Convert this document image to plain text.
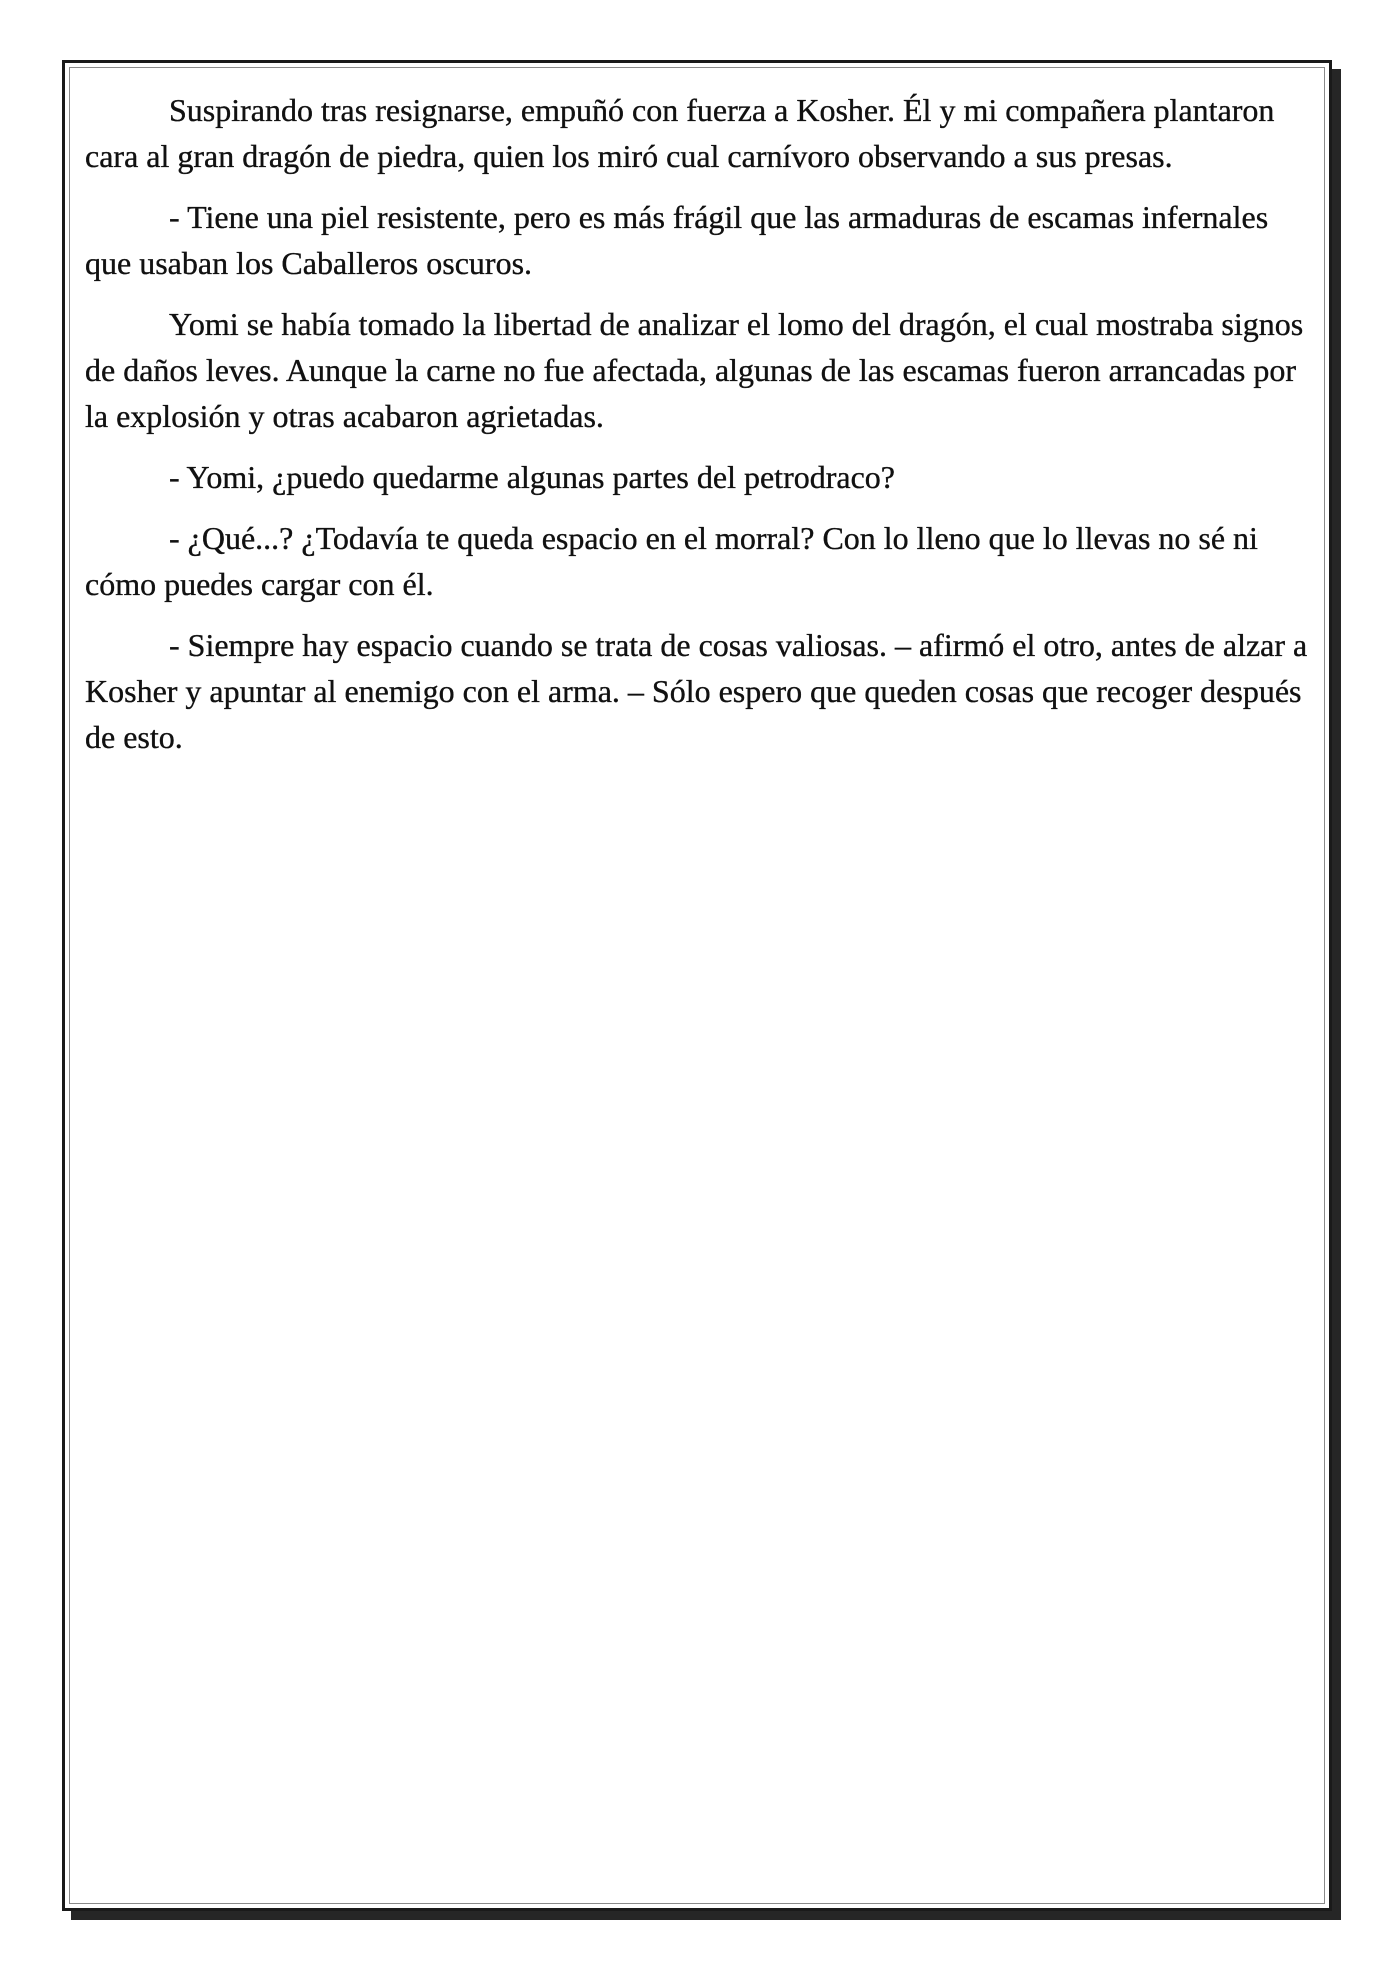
Suspirando tras resignarse, empuñó con fuerza a Kosher. Él y mi compañera plantaron cara al gran dragón de piedra, quien los miró cual carnívoro observando a sus presas.

- Tiene una piel resistente, pero es más frágil que las armaduras de escamas infernales que usaban los Caballeros oscuros.

Yomi se había tomado la libertad de analizar el lomo del dragón, el cual mostraba signos de daños leves. Aunque la carne no fue afectada, algunas de las escamas fueron arrancadas por la explosión y otras acabaron agrietadas.

- Yomi, ¿puedo quedarme algunas partes del petrodraco?

- ¿Qué...? ¿Todavía te queda espacio en el morral? Con lo lleno que lo llevas no sé ni cómo puedes cargar con él.

- Siempre hay espacio cuando se trata de cosas valiosas. – afirmó el otro, antes de alzar a Kosher y apuntar al enemigo con el arma. – Sólo espero que queden cosas que recoger después de esto.
